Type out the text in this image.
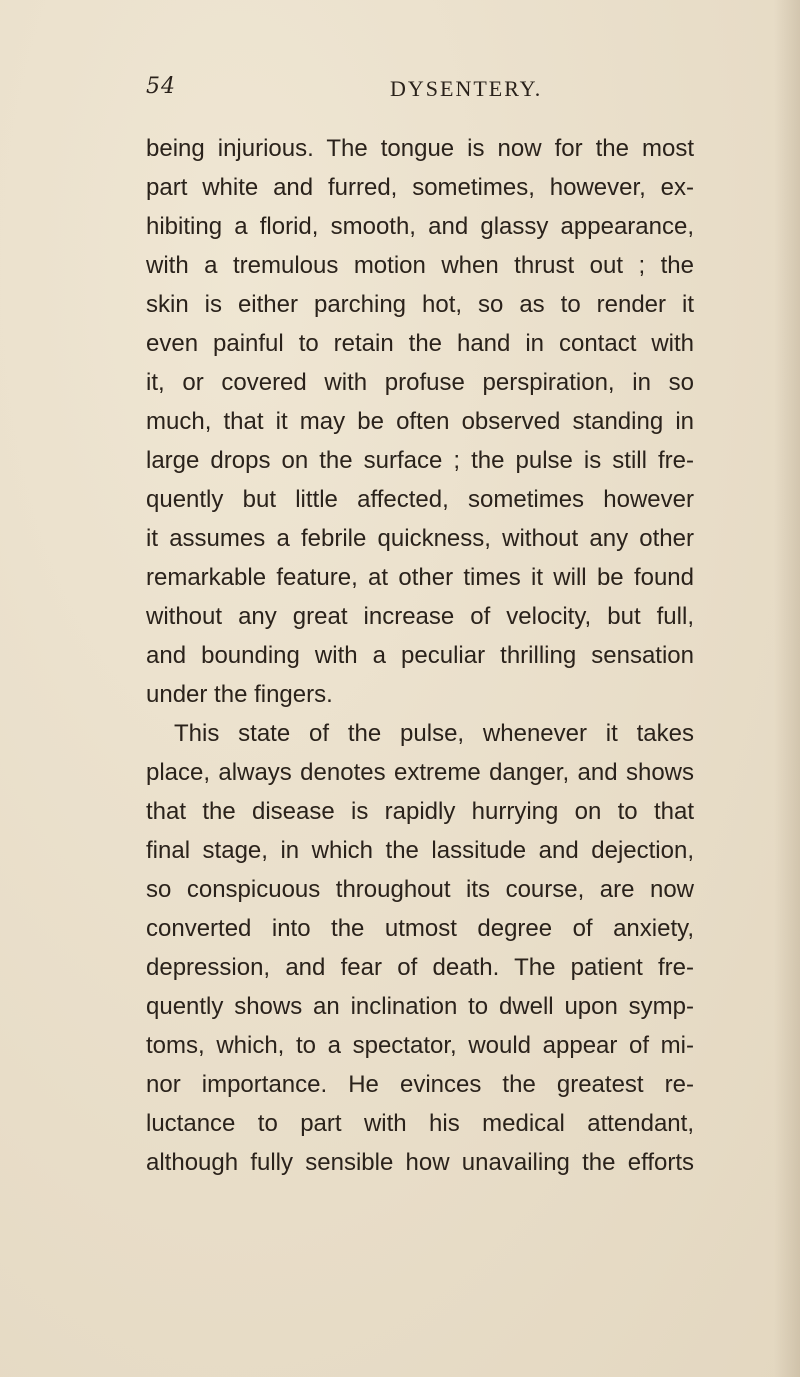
54	DYSENTERY.
being injurious. The tongue is now for the most
part white and furred, sometimes, however, ex-
hibiting a florid, smooth, and glassy appearance,
with a tremulous motion when thrust out ; the
skin is either parching hot, so as to render it
even painful to retain the hand in contact with
it, or covered with profuse perspiration, in so
much, that it may be often observed standing in
large drops on the surface ; the pulse is still fre-
quently but little affected, sometimes however
it assumes a febrile quickness, without any other
remarkable feature, at other times it will be found
without any great increase of velocity, but full,
and bounding with a peculiar thrilling sensation
under the fingers.
This state of the pulse, whenever it takes
place, always denotes extreme danger, and shows
that the disease is rapidly hurrying on to that
final stage, in which the lassitude and dejection,
so conspicuous throughout its course, are now
converted into the utmost degree of anxiety,
depression, and fear of death. The patient fre-
quently shows an inclination to dwell upon symp-
toms, which, to a spectator, would appear of mi-
nor importance. He evinces the greatest re-
luctance to part with his medical attendant,
although fully sensible how unavailing the efforts
